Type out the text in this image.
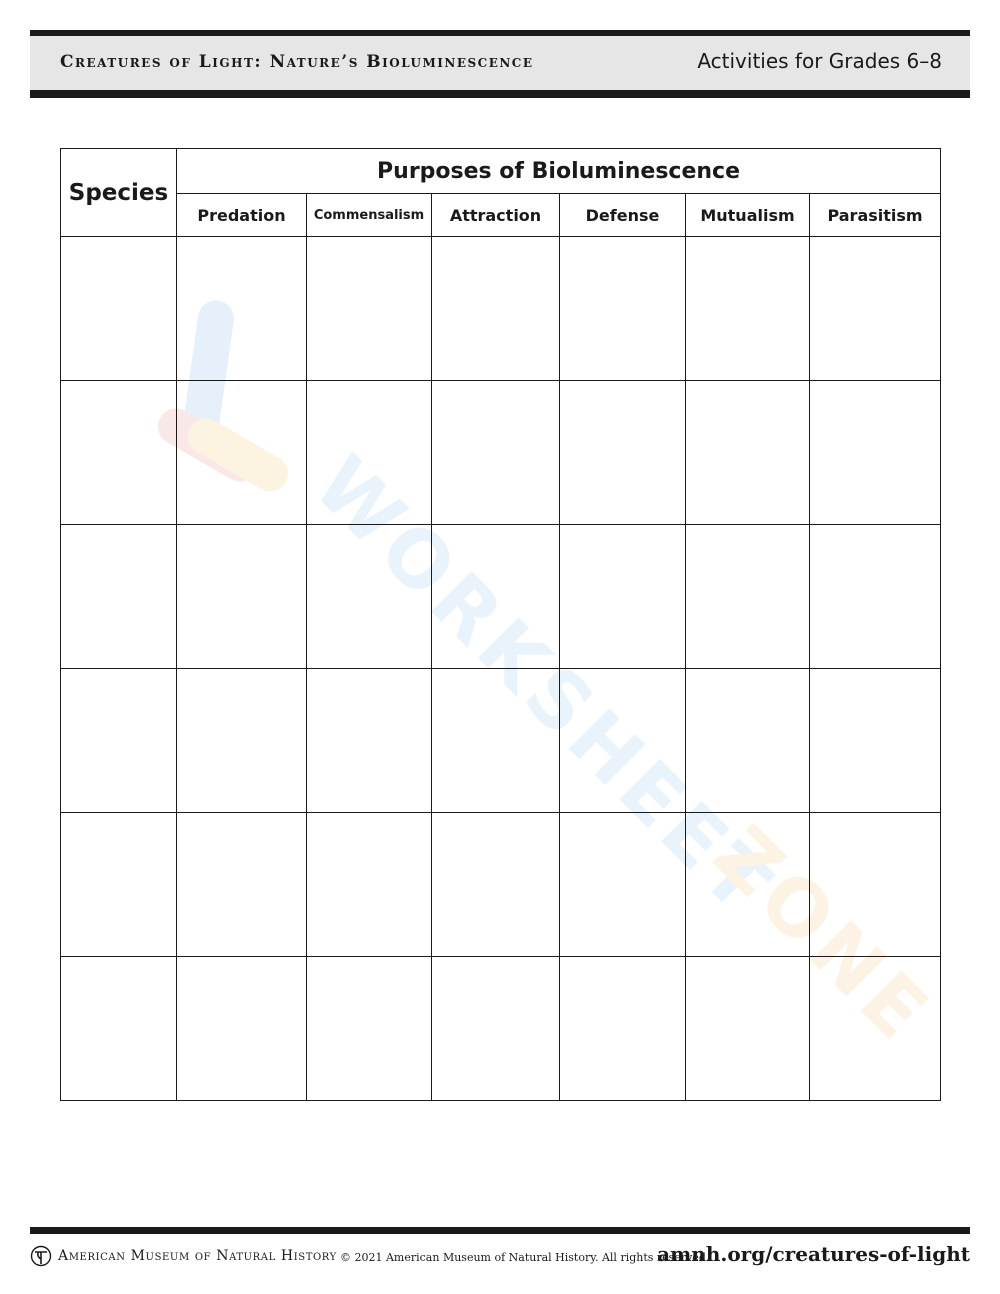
Creatures of Light: Nature’s Bioluminescence	Activities for Grades 6–8
WORKSHEET
ZONE
Species	Purposes of Bioluminescence					
	Predation	Commensalism	Attraction	Defense	Mutualism	Parasitism

American Museum of Natural History © 2021 American Museum of Natural History. All rights reserved.
amnh.org/creatures-of-light
